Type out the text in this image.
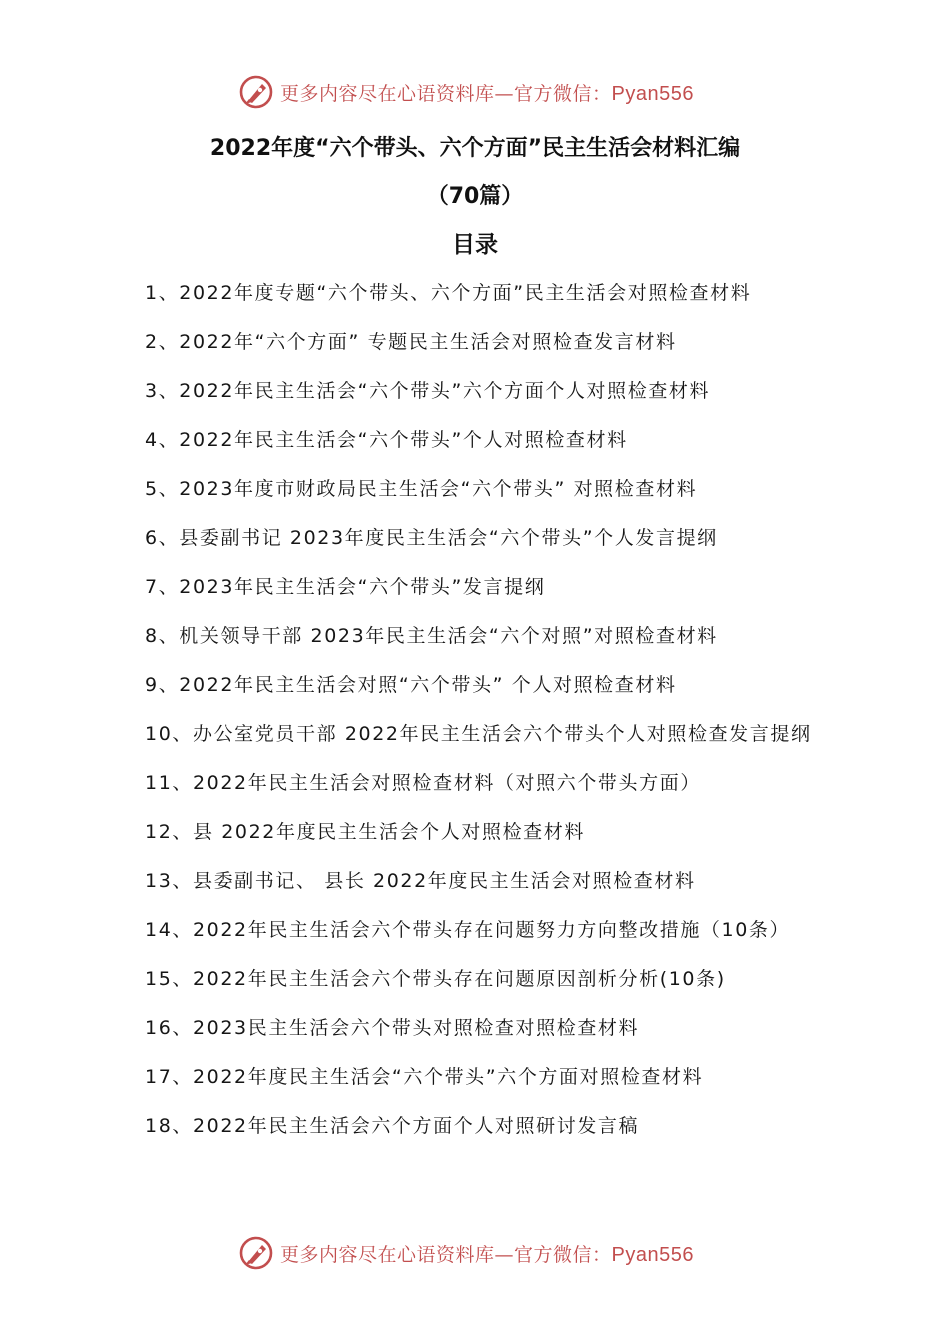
更多内容尽在心语资料库—官方微信：Pyan556
2022年度“六个带头、六个方面”民主生活会材料汇编
（70篇）
目录
1、2022年度专题“六个带头、六个方面”民主生活会对照检查材料
2、2022年“六个方面” 专题民主生活会对照检查发言材料
3、2022年民主生活会“六个带头”六个方面个人对照检查材料
4、2022年民主生活会“六个带头”个人对照检查材料
5、2023年度市财政局民主生活会“六个带头” 对照检查材料
6、县委副书记 2023年度民主生活会“六个带头”个人发言提纲
7、2023年民主生活会“六个带头”发言提纲
8、机关领导干部 2023年民主生活会“六个对照”对照检查材料
9、2022年民主生活会对照“六个带头” 个人对照检查材料
10、办公室党员干部 2022年民主生活会六个带头个人对照检查发言提纲
11、2022年民主生活会对照检查材料（对照六个带头方面）
12、县 2022年度民主生活会个人对照检查材料
13、县委副书记、 县长 2022年度民主生活会对照检查材料
14、2022年民主生活会六个带头存在问题努力方向整改措施（10条）
15、2022年民主生活会六个带头存在问题原因剖析分析(10条)
16、2023民主生活会六个带头对照检查对照检查材料
17、2022年度民主生活会“六个带头”六个方面对照检查材料
18、2022年民主生活会六个方面个人对照研讨发言稿
更多内容尽在心语资料库—官方微信：Pyan556
